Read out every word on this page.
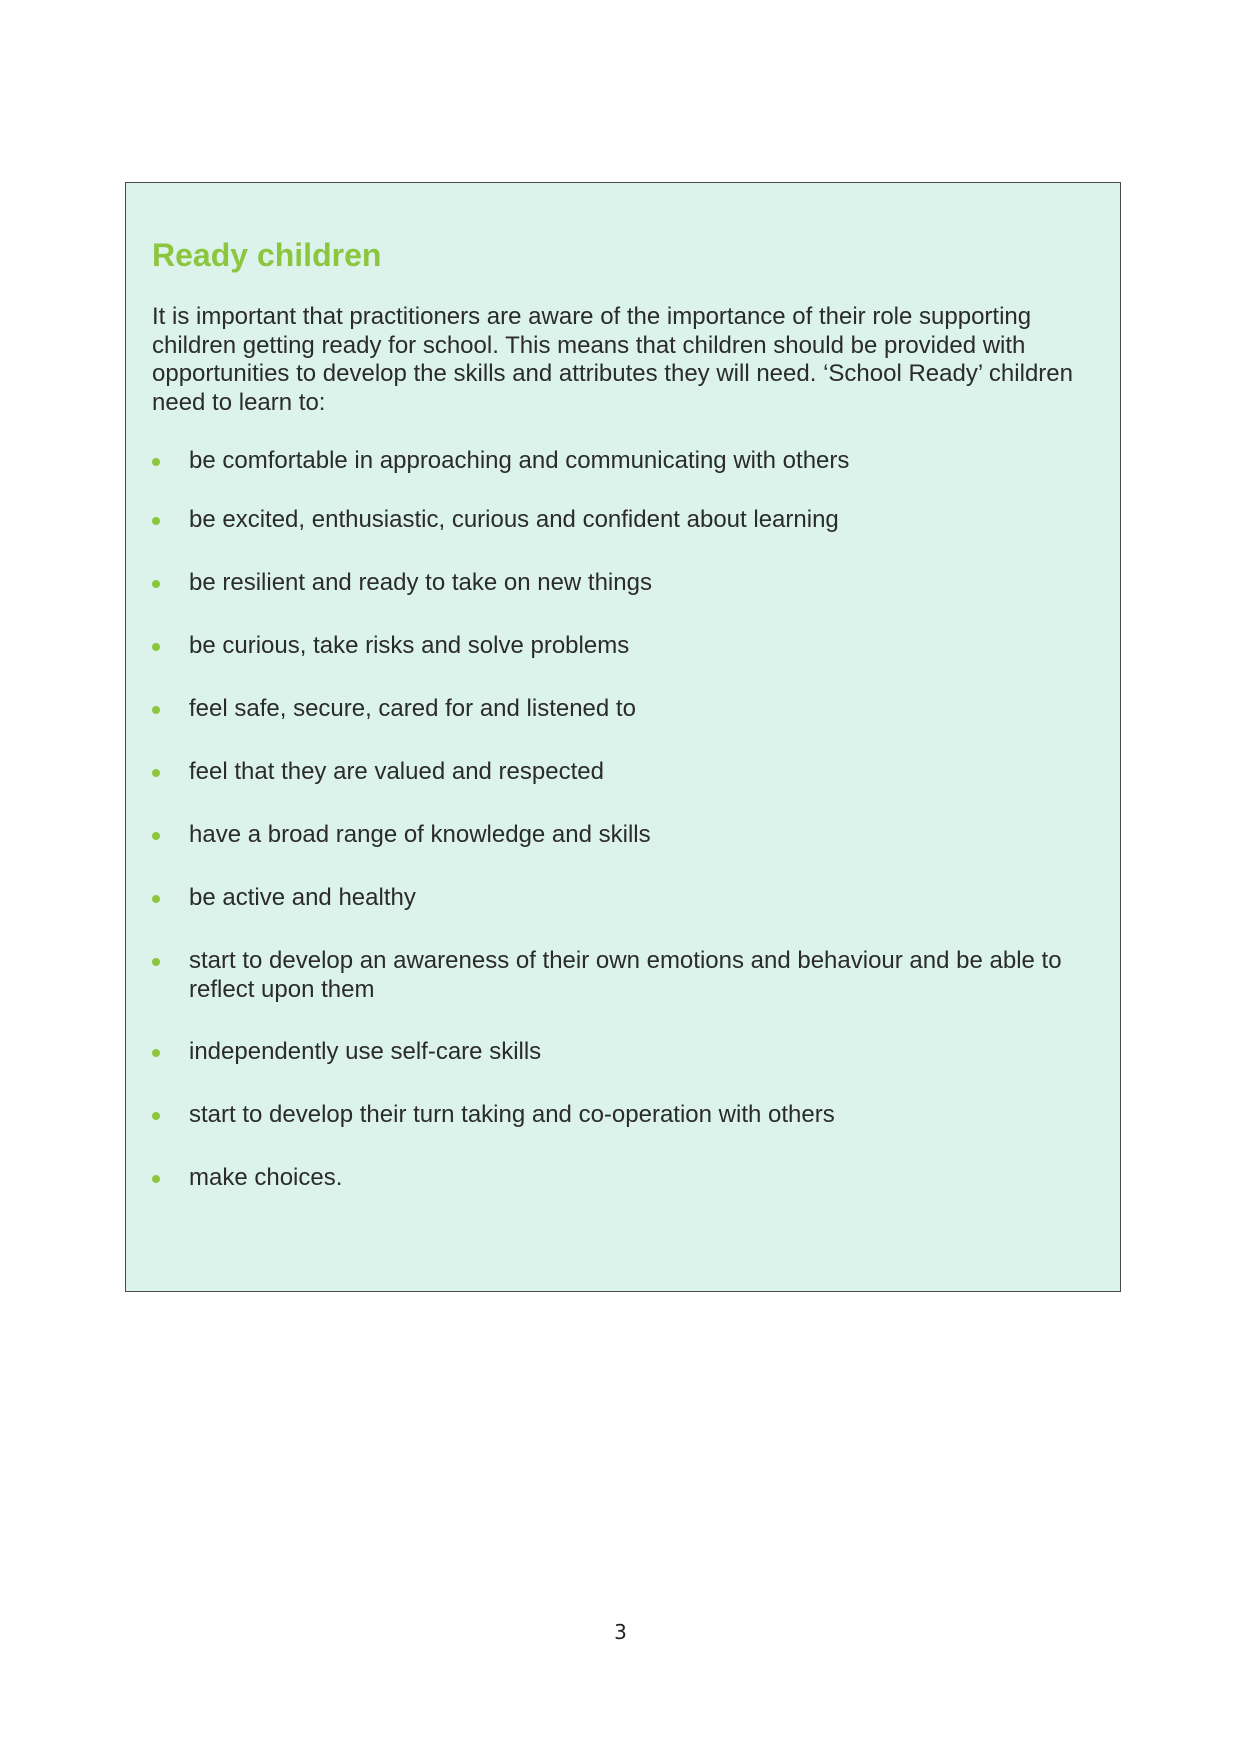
Ready children

It is important that practitioners are aware of the importance of their role supporting children getting ready for school. This means that children should be provided with opportunities to develop the skills and attributes they will need. ‘School Ready’ children need to learn to:

be comfortable in approaching and communicating with others
be excited, enthusiastic, curious and confident about learning
be resilient and ready to take on new things
be curious, take risks and solve problems
feel safe, secure, cared for and listened to
feel that they are valued and respected
have a broad range of knowledge and skills
be active and healthy
start to develop an awareness of their own emotions and behaviour and be able to reflect upon them
independently use self-care skills
start to develop their turn taking and co-operation with others
make choices.
3
